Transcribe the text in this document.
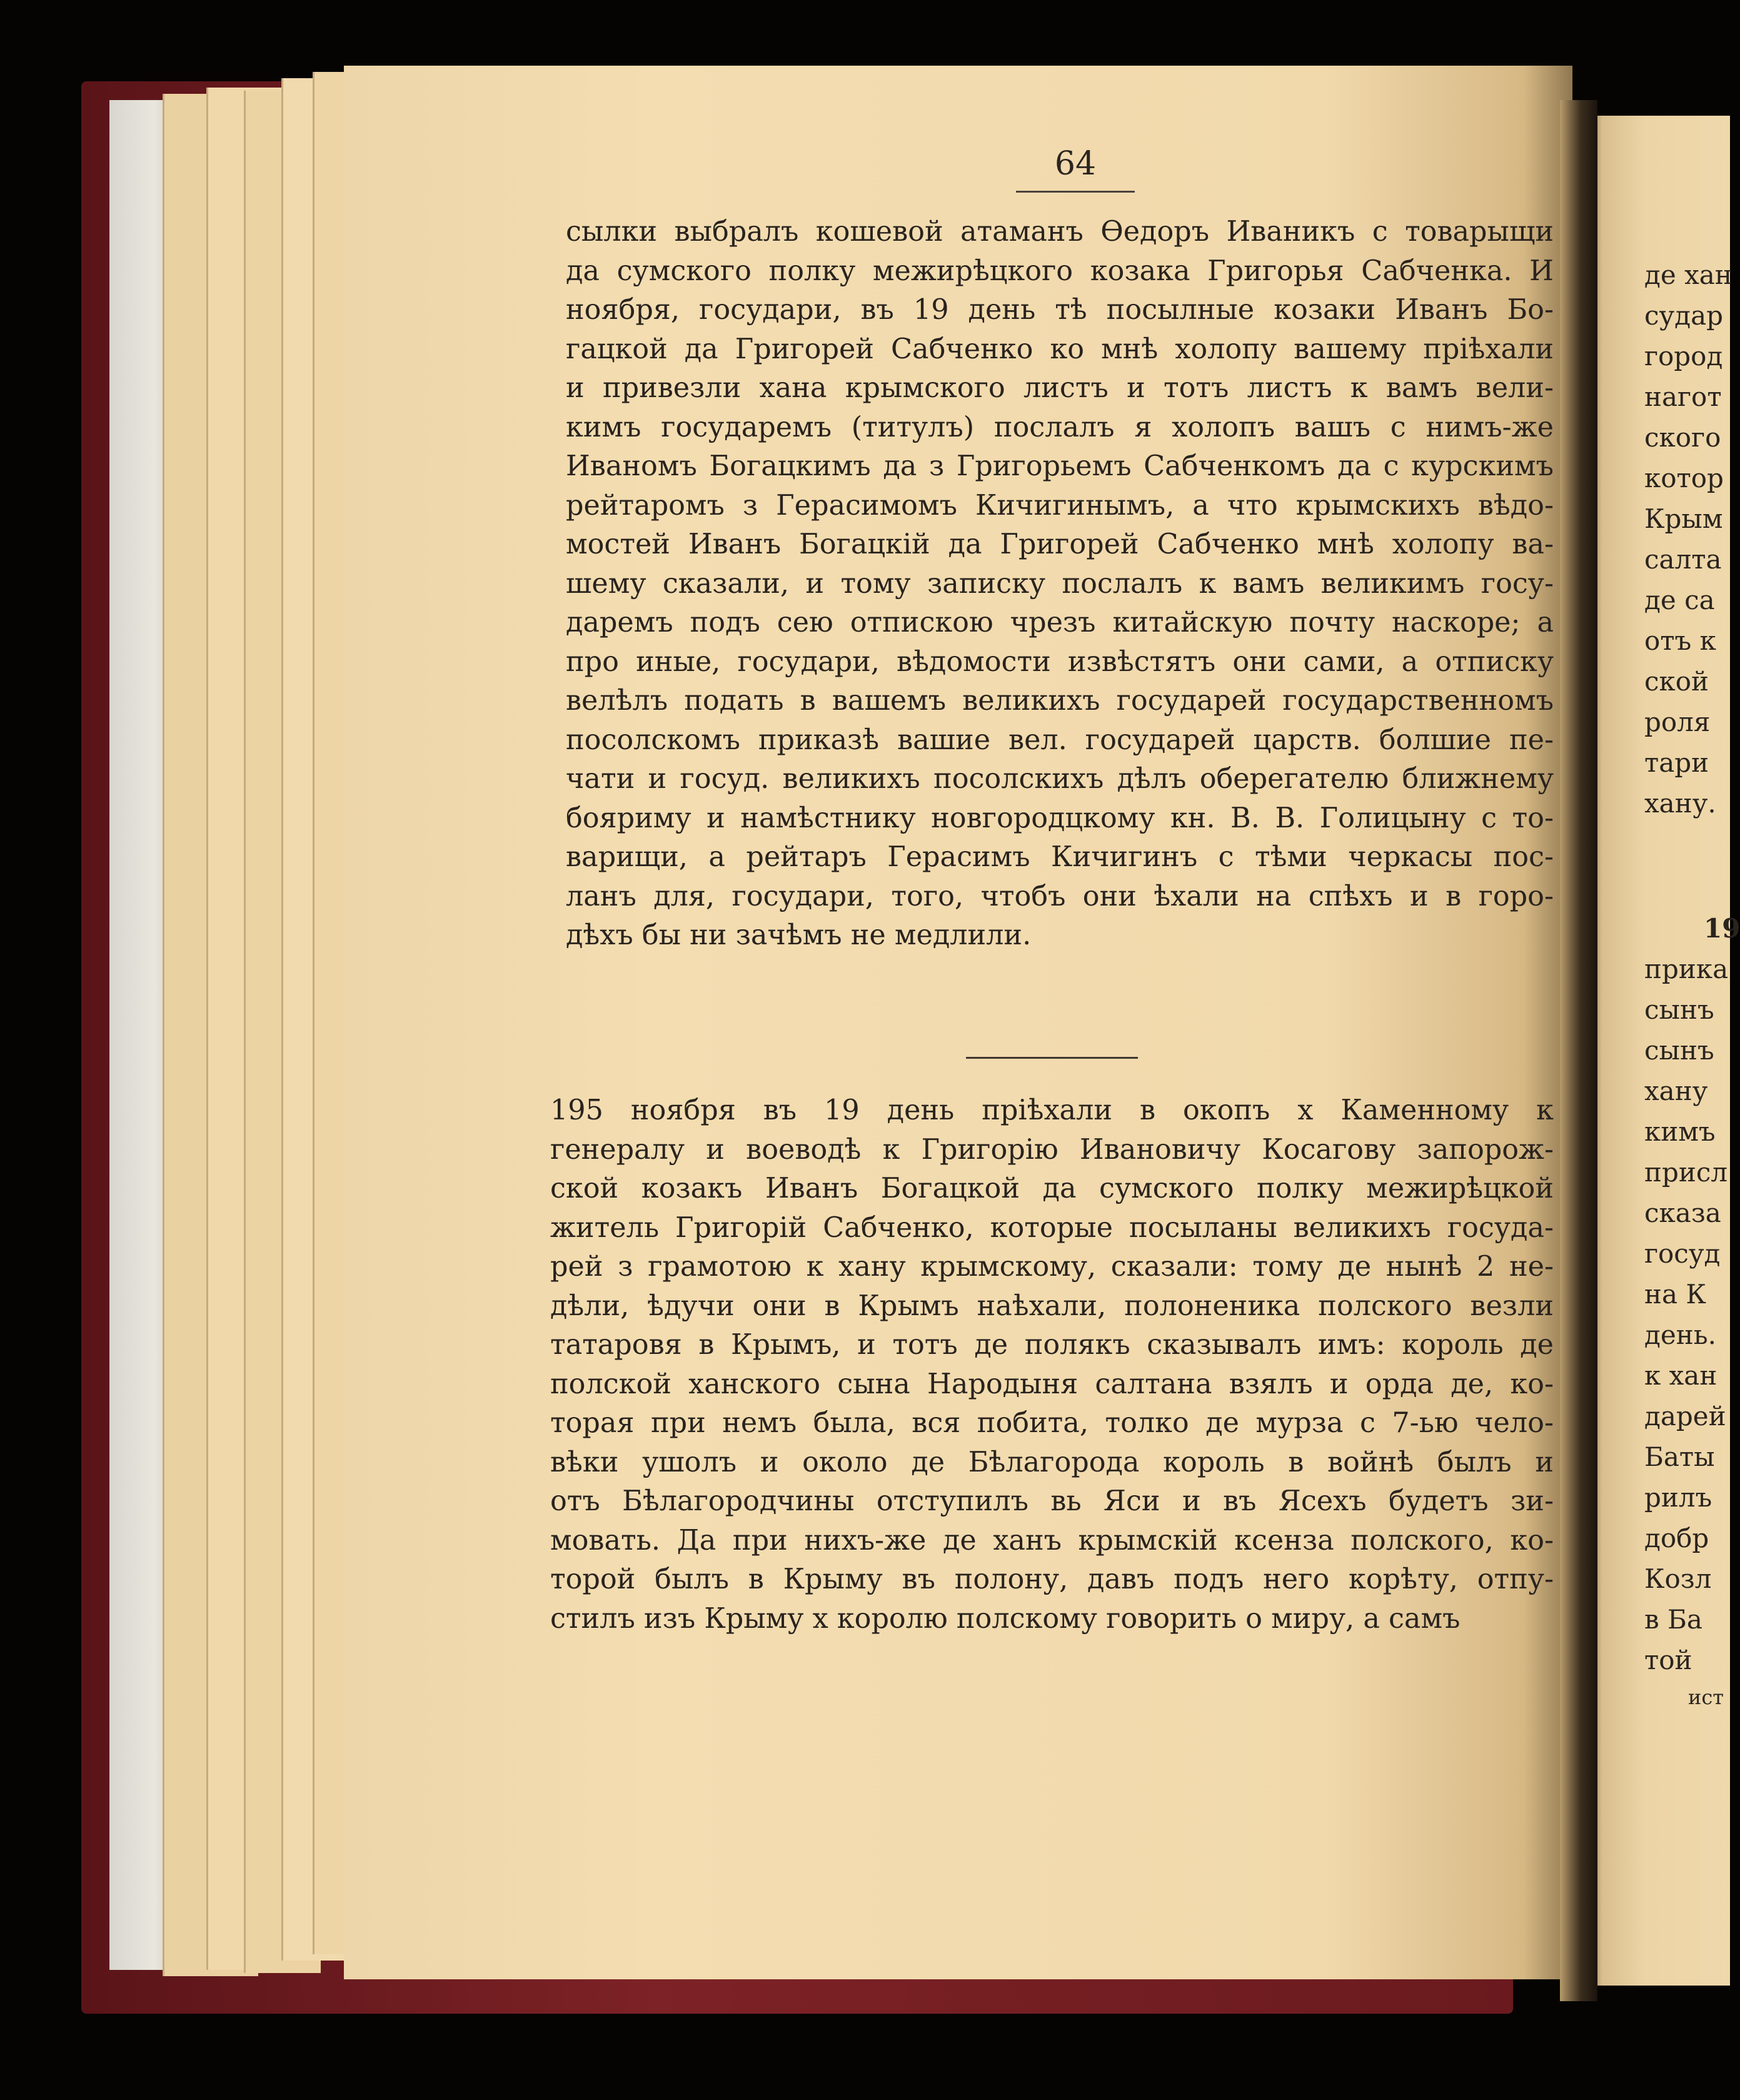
64
сылки выбралъ кошевой атаманъ Ѳедоръ Иваникъ с товарыщи
да сумского полку межирѣцкого козака Григорья Сабченка. И
ноября, государи, въ 19 день тѣ посылные козаки Иванъ Бо-
гацкой да Григорей Сабченко ко мнѣ холопу вашему прiѣхали
и привезли хана крымского листъ и тотъ листъ к вамъ вели-
кимъ государемъ (титулъ) послалъ я холопъ вашъ с нимъ-же
Иваномъ Богацкимъ да з Григорьемъ Сабченкомъ да с курскимъ
рейтаромъ з Герасимомъ Кичигинымъ, а что крымскихъ вѣдо-
мостей Иванъ Богацкiй да Григорей Сабченко мнѣ холопу ва-
шему сказали, и тому записку послалъ к вамъ великимъ госу-
даремъ подъ сею отпискою чрезъ китайскую почту наскоре; а
про иные, государи, вѣдомости извѣстятъ они сами, а отписку
велѣлъ подать в вашемъ великихъ государей государственномъ
посолскомъ приказѣ вашие вел. государей царств. болшие пе-
чати и госуд. великихъ посолскихъ дѣлъ оберегателю ближнему
бояриму и намѣстнику новгородцкому кн. В. В. Голицыну с то-
варищи, а рейтаръ Герасимъ Кичигинъ с тѣми черкасы пос-
ланъ для, государи, того, чтобъ они ѣхали на спѣхъ и в горо-
дѣхъ бы ни зачѣмъ не медлили.
195 ноября въ 19 день прiѣхали в окопъ х Каменному к
генералу и воеводѣ к Григорiю Ивановичу Косагову запорож-
ской козакъ Иванъ Богацкой да сумского полку межирѣцкой
житель Григорiй Сабченко, которые посыланы великихъ госуда-
рей з грамотою к хану крымскому, сказали: тому де нынѣ 2 не-
дѣли, ѣдучи они в Крымъ наѣхали, полоненика полского везли
татаровя в Крымъ, и тотъ де полякъ сказывалъ имъ: король де
полской ханского сына Народыня салтана взялъ и орда де, ко-
торая при немъ была, вся побита, толко де мурза с 7-ью чело-
вѣки ушолъ и около де Бѣлагорода король в войнѣ былъ и
отъ Бѣлагородчины отступилъ вь Яси и въ Ясехъ будетъ зи-
мовать. Да при нихъ-же де ханъ крымскiй ксенза полского, ко-
торой былъ в Крыму въ полону, давъ подъ него корѣту, отпу-
стилъ изъ Крыму х королю полскому говорить о миру, а самъ
де хан
судар
город
нагот
ского
котор
Крым
салта
де са
отъ к
ской
роля
тари
хану.
19
прика
сынъ
сынъ
хану
кимъ
присл
сказа
госуд
на К
день.
к хан
дарей
Баты
рилъ
добр
Козл
в Ба
той
ист
